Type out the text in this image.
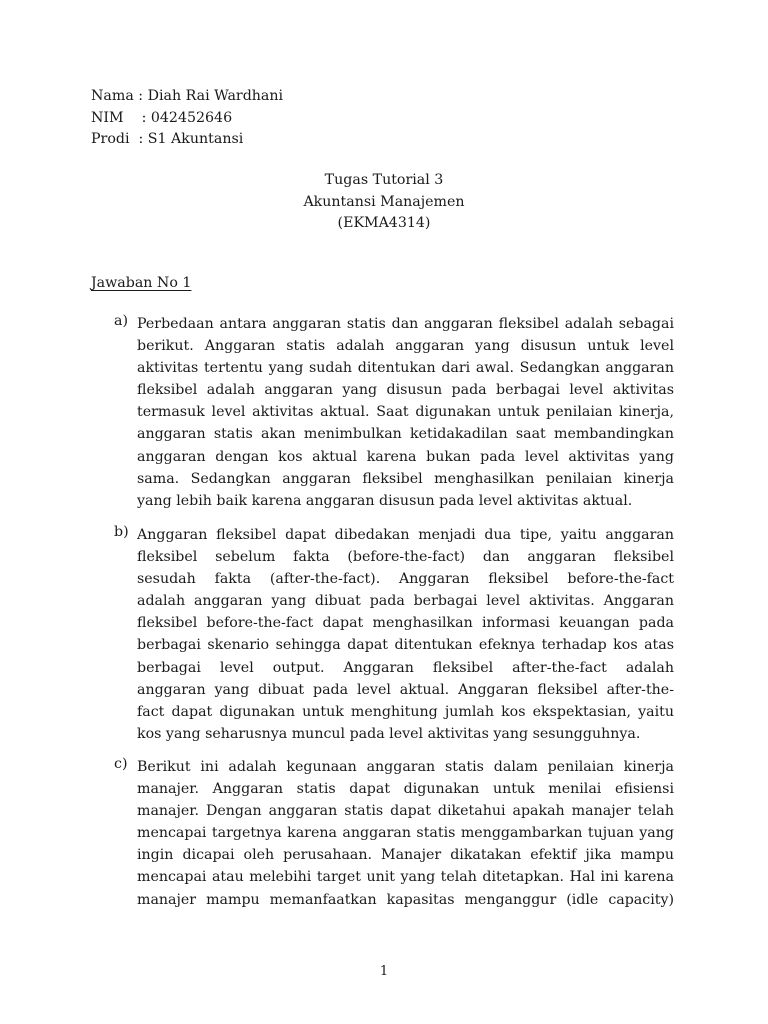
Nama : Diah Rai Wardhani
NIM    : 042452646
Prodi  : S1 Akuntansi
Tugas Tutorial 3
Akuntansi Manajemen
(EKMA4314)
Jawaban No 1
a) Perbedaan antara anggaran statis dan anggaran fleksibel adalah sebagai
berikut. Anggaran statis adalah anggaran yang disusun untuk level
aktivitas tertentu yang sudah ditentukan dari awal. Sedangkan anggaran
fleksibel adalah anggaran yang disusun pada berbagai level aktivitas
termasuk level aktivitas aktual. Saat digunakan untuk penilaian kinerja,
anggaran statis akan menimbulkan ketidakadilan saat membandingkan
anggaran dengan kos aktual karena bukan pada level aktivitas yang
sama. Sedangkan anggaran fleksibel menghasilkan penilaian kinerja
yang lebih baik karena anggaran disusun pada level aktivitas aktual.
b) Anggaran fleksibel dapat dibedakan menjadi dua tipe, yaitu anggaran
fleksibel sebelum fakta (before-the-fact) dan anggaran fleksibel
sesudah fakta (after-the-fact). Anggaran fleksibel before-the-fact
adalah anggaran yang dibuat pada berbagai level aktivitas. Anggaran
fleksibel before-the-fact dapat menghasilkan informasi keuangan pada
berbagai skenario sehingga dapat ditentukan efeknya terhadap kos atas
berbagai level output. Anggaran fleksibel after-the-fact adalah
anggaran yang dibuat pada level aktual. Anggaran fleksibel after-the-
fact dapat digunakan untuk menghitung jumlah kos ekspektasian, yaitu
kos yang seharusnya muncul pada level aktivitas yang sesungguhnya.
c) Berikut ini adalah kegunaan anggaran statis dalam penilaian kinerja
manajer. Anggaran statis dapat digunakan untuk menilai efisiensi
manajer. Dengan anggaran statis dapat diketahui apakah manajer telah
mencapai targetnya karena anggaran statis menggambarkan tujuan yang
ingin dicapai oleh perusahaan. Manajer dikatakan efektif jika mampu
mencapai atau melebihi target unit yang telah ditetapkan. Hal ini karena
manajer mampu memanfaatkan kapasitas menganggur (idle capacity)
1
